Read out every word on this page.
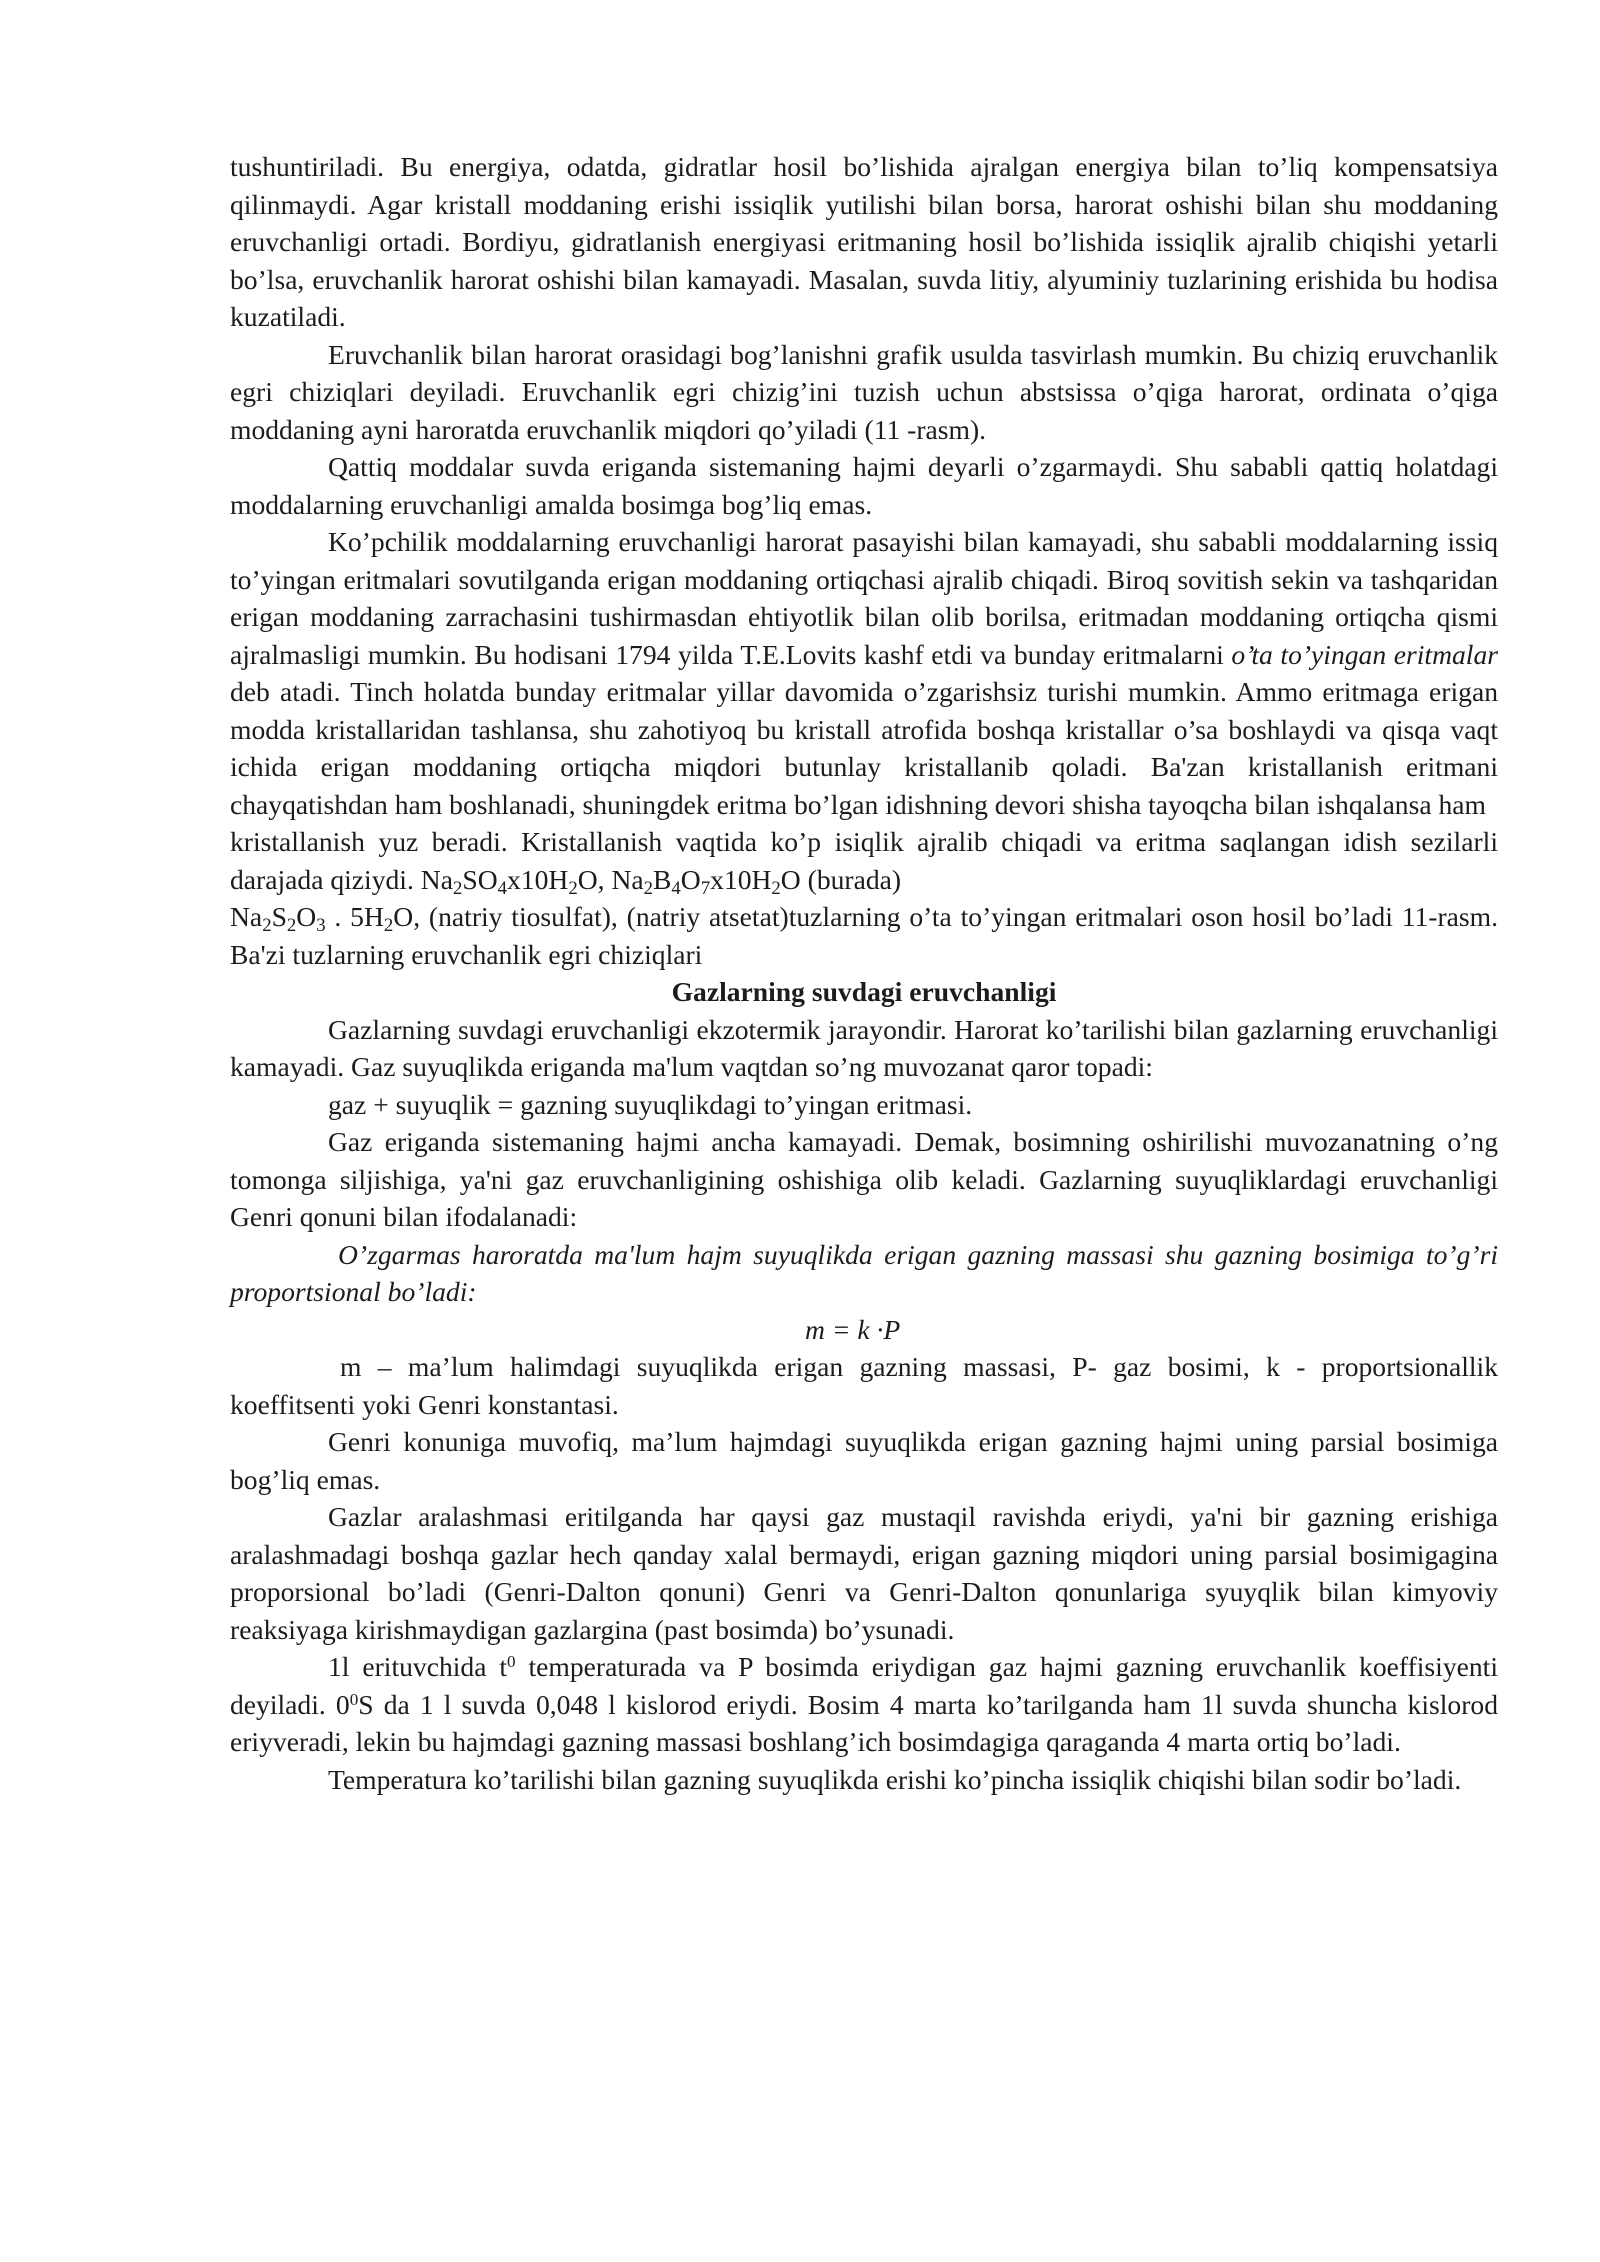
tushuntiriladi. Bu energiya, odatda, gidratlar hosil bo’lishida ajralgan energiya bilan to’liq kompensatsiya qilinmaydi. Agar kristall moddaning erishi issiqlik yutilishi bilan borsa, harorat oshishi bilan shu moddaning eruvchanligi ortadi. Bordiyu, gidratlanish energiyasi eritmaning hosil bo’lishida issiqlik ajralib chiqishi yetarli bo’lsa, eruvchanlik harorat oshishi bilan kamayadi. Masalan, suvda litiy, alyuminiy tuzlarining erishida bu hodisa kuzatiladi.

Eruvchanlik bilan harorat orasidagi bog’lanishni grafik usulda tasvirlash mumkin. Bu chiziq eruvchanlik egri chiziqlari deyiladi. Eruvchanlik egri chizig’ini tuzish uchun abstsissa o’qiga harorat, ordinata o’qiga moddaning ayni haroratda eruvchanlik miqdori qo’yiladi (11 -rasm).

Qattiq moddalar suvda eriganda sistemaning hajmi deyarli o’zgarmaydi. Shu sababli qattiq holatdagi moddalarning eruvchanligi amalda bosimga bog’liq emas.

Ko’pchilik moddalarning eruvchanligi harorat pasayishi bilan kamayadi, shu sababli moddalarning issiq to’yingan eritmalari sovutilganda erigan moddaning ortiqchasi ajralib chiqadi. Biroq sovitish sekin va tashqaridan erigan moddaning zarrachasini tushirmasdan ehtiyotlik bilan olib borilsa, eritmadan moddaning ortiqcha qismi ajralmasligi mumkin. Bu hodisani 1794 yilda T.E.Lovits kashf etdi va bunday eritmalarni o’ta to’yingan eritmalar deb atadi. Tinch holatda bunday eritmalar yillar davomida o’zgarishsiz turishi mumkin. Ammo eritmaga erigan modda kristallaridan tashlansa, shu zahotiyoq bu kristall atrofida boshqa kristallar o’sa boshlaydi va qisqa vaqt ichida erigan moddaning ortiqcha miqdori butunlay kristallanib qoladi. Ba'zan kristallanish eritmani chayqatishdan ham boshlanadi, shuningdek eritma bo’lgan idishning devori shisha tayoqcha bilan ishqalansa ham

kristallanish yuz beradi. Kristallanish vaqtida ko’p isiqlik ajralib chiqadi va eritma saqlangan idish sezilarli darajada qiziydi. $Na_2SO_4x10H_2O$, $Na_2B_4O_7x10H_2O$ (burada)

$Na_2S_2O_3$ . $5H_2O$, (natriy tiosulfat), (natriy atsetat)tuzlarning o’ta to’yingan eritmalari oson hosil bo’ladi 11-rasm. Ba'zi tuzlarning eruvchanlik egri chiziqlari

Gazlarning suvdagi eruvchanligi

Gazlarning suvdagi eruvchanligi ekzotermik jarayondir. Harorat ko’tarilishi bilan gazlarning eruvchanligi kamayadi. Gaz suyuqlikda eriganda ma'lum vaqtdan so’ng muvozanat qaror topadi:

gaz + suyuqlik = gazning suyuqlikdagi to’yingan eritmasi.

Gaz eriganda sistemaning hajmi ancha kamayadi. Demak, bosimning oshirilishi muvozanatning o’ng tomonga siljishiga, ya'ni gaz eruvchanligining oshishiga olib keladi. Gazlarning suyuqliklardagi eruvchanligi Genri qonuni bilan ifodalanadi:

O’zgarmas haroratda ma'lum hajm suyuqlikda erigan gazning massasi shu gazning bosimiga to’g’ri proportsional bo’ladi:

m = k ·P

m – ma’lum halimdagi suyuqlikda erigan gazning massasi, P- gaz bosimi, k - proportsionallik koeffitsenti yoki Genri konstantasi.

Genri konuniga muvofiq, ma’lum hajmdagi suyuqlikda erigan gazning hajmi uning parsial bosimiga bog’liq emas.

Gazlar aralashmasi eritilganda har qaysi gaz mustaqil ravishda eriydi, ya'ni bir gazning erishiga aralashmadagi boshqa gazlar hech qanday xalal bermaydi, erigan gazning miqdori uning parsial bosimigagina proporsional bo’ladi (Genri-Dalton qonuni) Genri va Genri-Dalton qonunlariga syuyqlik bilan kimyoviy reaksiyaga kirishmaydigan gazlargina (past bosimda) bo’ysunadi.

1l erituvchida $t^0$ temperaturada va P bosimda eriydigan gaz hajmi gazning eruvchanlik koeffisiyenti deyiladi. $0^0S$ da 1 l suvda 0,048 l kislorod eriydi. Bosim 4 marta ko’tarilganda ham 1l suvda shuncha kislorod eriyveradi, lekin bu hajmdagi gazning massasi boshlang’ich bosimdagiga qaraganda 4 marta ortiq bo’ladi.

Temperatura ko’tarilishi bilan gazning suyuqlikda erishi ko’pincha issiqlik chiqishi bilan sodir bo’ladi.
